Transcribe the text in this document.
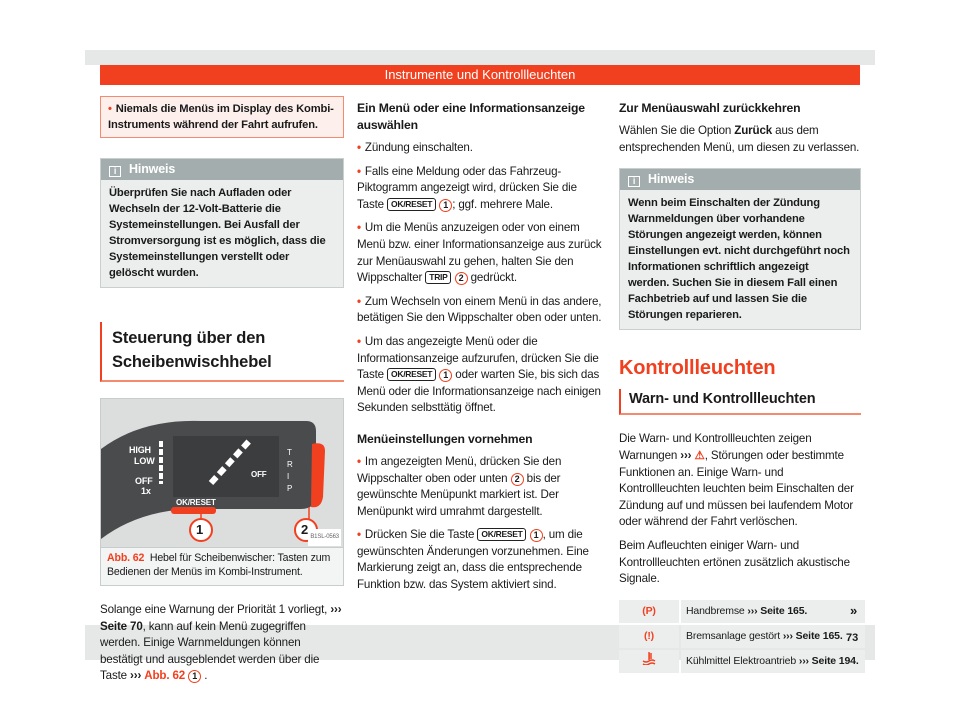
Instrumente und Kontrollleuchten
• Niemals die Menüs im Display des Kombi-Instruments während der Fahrt aufrufen.
i Hinweis
Überprüfen Sie nach Aufladen oder Wechseln der 12-Volt-Batterie die Systemeinstellungen. Bei Ausfall der Stromversorgung ist es möglich, dass die Systemeinstellungen verstellt oder gelöscht wurden.
Steuerung über den Scheibenwischhebel
HIGH
LOW
OFF
1x
OFF
TRIP
OK/RESET
1	2
B1SL-0563
Abb. 62 Hebel für Scheibenwischer: Tasten zum Bedienen der Menüs im Kombi-Instrument.

Solange eine Warnung der Priorität 1 vorliegt, ››› Seite 70, kann auf kein Menü zugegriffen werden. Einige Warnmeldungen können bestätigt und ausgeblendet werden über die Taste ››› Abb. 62 1 .

Ein Menü oder eine Informationsanzeige auswählen

• Zündung einschalten.

• Falls eine Meldung oder das Fahrzeug-Piktogramm angezeigt wird, drücken Sie die Taste OK/RESET 1 ; ggf. mehrere Male.

• Um die Menüs anzuzeigen oder von einem Menü bzw. einer Informationsanzeige aus zurück zur Menüauswahl zu gehen, halten Sie den Wippschalter TRIP 2 gedrückt.

• Zum Wechseln von einem Menü in das andere, betätigen Sie den Wippschalter oben oder unten.

• Um das angezeigte Menü oder die Informationsanzeige aufzurufen, drücken Sie die Taste OK/RESET 1 oder warten Sie, bis sich das Menü oder die Informationsanzeige nach einigen Sekunden selbsttätig öffnet.

Menüeinstellungen vornehmen

• Im angezeigten Menü, drücken Sie den Wippschalter oben oder unten 2 bis der gewünschte Menüpunkt markiert ist. Der Menüpunkt wird umrahmt dargestellt.

• Drücken Sie die Taste OK/RESET 1 , um die gewünschten Änderungen vorzunehmen. Eine Markierung zeigt an, dass die entsprechende Funktion bzw. das System aktiviert sind.

Zur Menüauswahl zurückkehren

Wählen Sie die Option Zurück aus dem entsprechenden Menü, um diesen zu verlassen.

i Hinweis
Wenn beim Einschalten der Zündung Warnmeldungen über vorhandene Störungen angezeigt werden, können Einstellungen evt. nicht durchgeführt noch Informationen schriftlich angezeigt werden. Suchen Sie in diesem Fall einen Fachbetrieb auf und lassen Sie die Störungen reparieren.
Kontrollleuchten
Warn- und Kontrollleuchten

Die Warn- und Kontrollleuchten zeigen Warnungen ››› ⚠, Störungen oder bestimmte Funktionen an. Einige Warn- und Kontrollleuchten leuchten beim Einschalten der Zündung auf und müssen bei laufendem Motor oder während der Fahrt verlöschen.

Beim Aufleuchten einiger Warn- und Kontrollleuchten ertönen zusätzlich akustische Signale.

(P)	Handbremse ››› Seite 165.
(!)	Bremsanlage gestört ››› Seite 165.
	Kühlmittel Elektroantrieb ››› Seite 194.
»
73
